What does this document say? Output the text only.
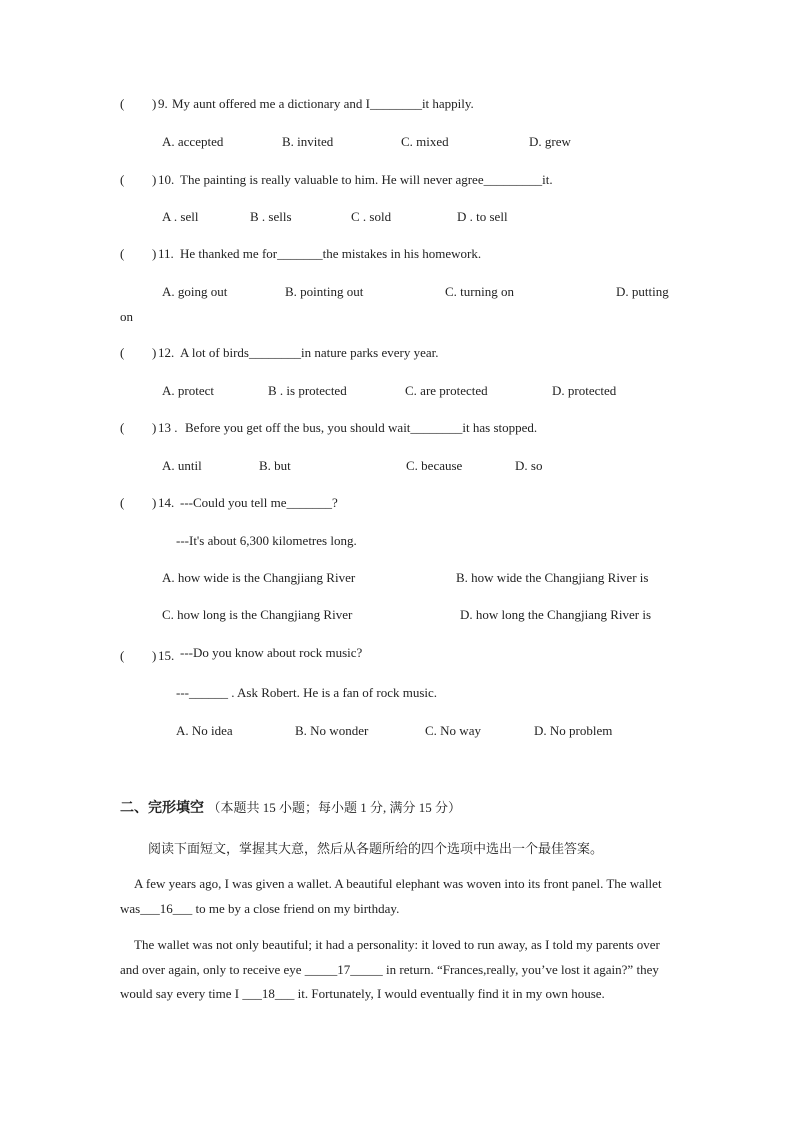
( ) 9. My aunt offered me a dictionary and I________it happily.
A. accepted	B. invited	C. mixed	D. grew
( ) 10. The painting is really valuable to him. He will never agree_________it.
A . sell	B . sells	C . sold	D . to sell
( ) 11. He thanked me for_______the mistakes in his homework.
A. going out	B. pointing out	C. turning on	D. putting
on
( ) 12. A lot of birds________in nature parks every year.
A. protect	B . is protected	C. are protected	D. protected
( ) 13 . Before you get off the bus, you should wait________it has stopped.
A. until	B. but	C. because	D. so
( ) 14. ---Could you tell me_______?
---It's about 6,300 kilometres long.
A. how wide is the Changjiang River	B. how wide the Changjiang River is
C. how long is the Changjiang River	D. how long the Changjiang River is
( ) 15. ---Do you know about rock music?
---______ . Ask Robert. He is a fan of rock music.
A. No idea	B. No wonder	C. No way	D. No problem
二、完形填空 （本题共 15 小题；每小题 1 分, 满分 15 分）
阅读下面短文，掌握其大意，然后从各题所给的四个选项中选出一个最佳答案。

A few years ago, I was given a wallet. A beautiful elephant was woven into its front panel. The wallet was___16___ to me by a close friend on my birthday.

The wallet was not only beautiful; it had a personality: it loved to run away, as I told my parents over and over again, only to receive eye _____17_____ in return. “Frances,really, you’ve lost it again?” they would say every time I ___18___ it. Fortunately, I would eventually find it in my own house.
